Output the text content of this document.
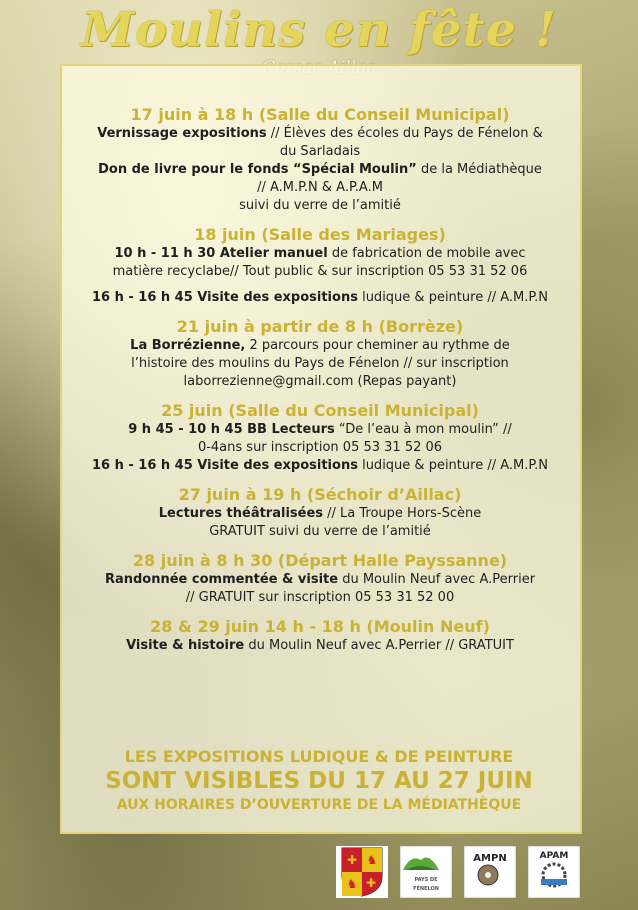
Moulins en fête !
17 juin à 18 h (Salle du Conseil Municipal)

Vernissage expositions // Élèves des écoles du Pays de Fénelon &

du Sarladais

Don de livre pour le fonds “Spécial Moulin” de la Médiathèque

// A.M.P.N & A.P.A.M

suivi du verre de l’amitié

18 juin (Salle des Mariages)

10 h - 11 h 30 Atelier manuel de fabrication de mobile avec

matière recyclabe// Tout public & sur inscription 05 53 31 52 06

16 h - 16 h 45 Visite des expositions ludique & peinture // A.M.P.N

21 juin à partir de 8 h (Borrèze)

La Borrézienne, 2 parcours pour cheminer au rythme de

l’histoire des moulins du Pays de Fénelon // sur inscription

laborrezienne@gmail.com (Repas payant)

25 juin (Salle du Conseil Municipal)

9 h 45 - 10 h 45 BB Lecteurs “De l’eau à mon moulin” //

0-4ans sur inscription 05 53 31 52 06

16 h - 16 h 45 Visite des expositions ludique & peinture // A.M.P.N

27 juin à 19 h (Séchoir d’Aillac)

Lectures théâtralisées // La Troupe Hors-Scène

GRATUIT suivi du verre de l’amitié

28 juin à 8 h 30 (Départ Halle Payssanne)

Randonnée commentée & visite du Moulin Neuf avec A.Perrier

// GRATUIT sur inscription 05 53 31 52 00

28 & 29 juin 14 h - 18 h (Moulin Neuf)

Visite & histoire du Moulin Neuf avec A.Perrier // GRATUIT

LES EXPOSITIONS LUDIQUE & DE PEINTURE
SONT VISIBLES DU 17 AU 27 JUIN
AUX HORAIRES D’OUVERTURE DE LA MÉDIATHÈQUE
✚ ♞
♞ ✚	PAYS DE FÉNELON
AMPN	APAM
